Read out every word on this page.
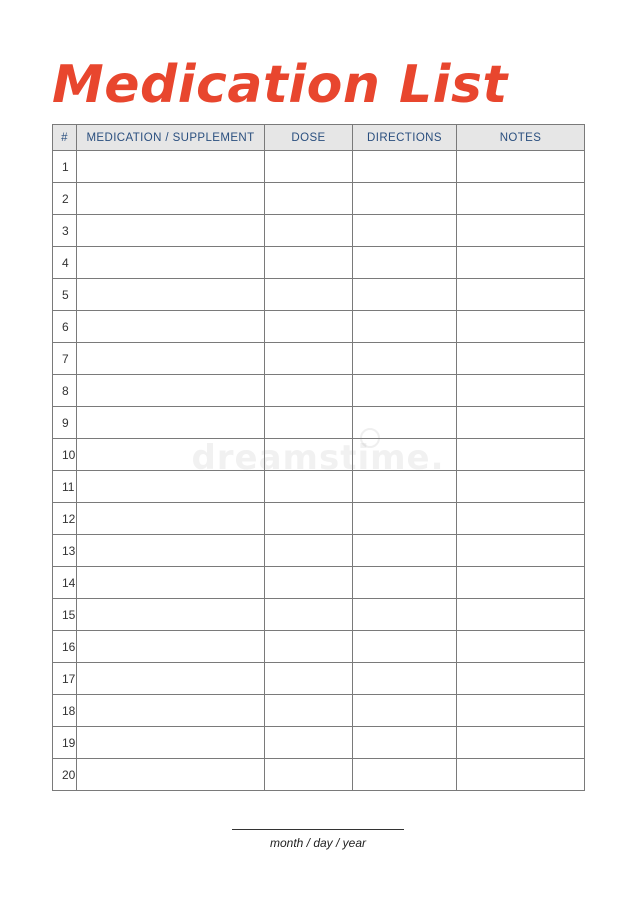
Medication List
#	MEDICATION / SUPPLEMENT	DOSE	DIRECTIONS	NOTES
1				
2				
3				
4				
5				
6				
7				
8				
9				
10				
11				
12				
13				
14				
15				
16				
17				
18				
19				
20				
dreamstime.
month / day / year
